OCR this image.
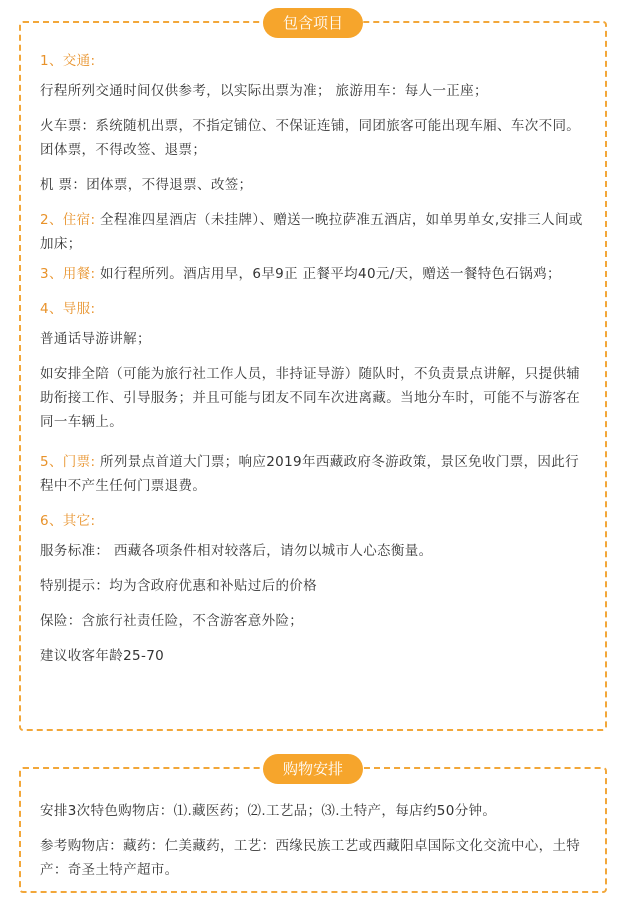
包含项目

1、交通:

行程所列交通时间仅供参考，以实际出票为准； 旅游用车：每人一正座；

火车票：系统随机出票，不指定铺位、不保证连铺，同团旅客可能出现车厢、车次不同。团体票，不得改签、退票；

机 票：团体票，不得退票、改签；

2、住宿: 全程准四星酒店（未挂牌）、赠送一晚拉萨准五酒店，如单男单女,安排三人间或加床；

3、用餐: 如行程所列。酒店用早，6早9正 正餐平均40元/天，赠送一餐特色石锅鸡；

4、导服:

普通话导游讲解；

如安排全陪（可能为旅行社工作人员，非持证导游）随队时，不负责景点讲解，只提供辅助衔接工作、引导服务；并且可能与团友不同车次进离藏。当地分车时，可能不与游客在同一车辆上。

5、门票: 所列景点首道大门票；响应2019年西藏政府冬游政策，景区免收门票，因此行程中不产生任何门票退费。

6、其它:

服务标准： 西藏各项条件相对较落后，请勿以城市人心态衡量。

特别提示：均为含政府优惠和补贴过后的价格

保险：含旅行社责任险，不含游客意外险；

建议收客年龄25-70

购物安排

安排3次特色购物店：⑴.藏医药；⑵.工艺品；⑶.土特产，每店约50分钟。

参考购物店：藏药：仁美藏药，工艺：西缘民族工艺或西藏阳卓国际文化交流中心，土特产：奇圣土特产超市。
